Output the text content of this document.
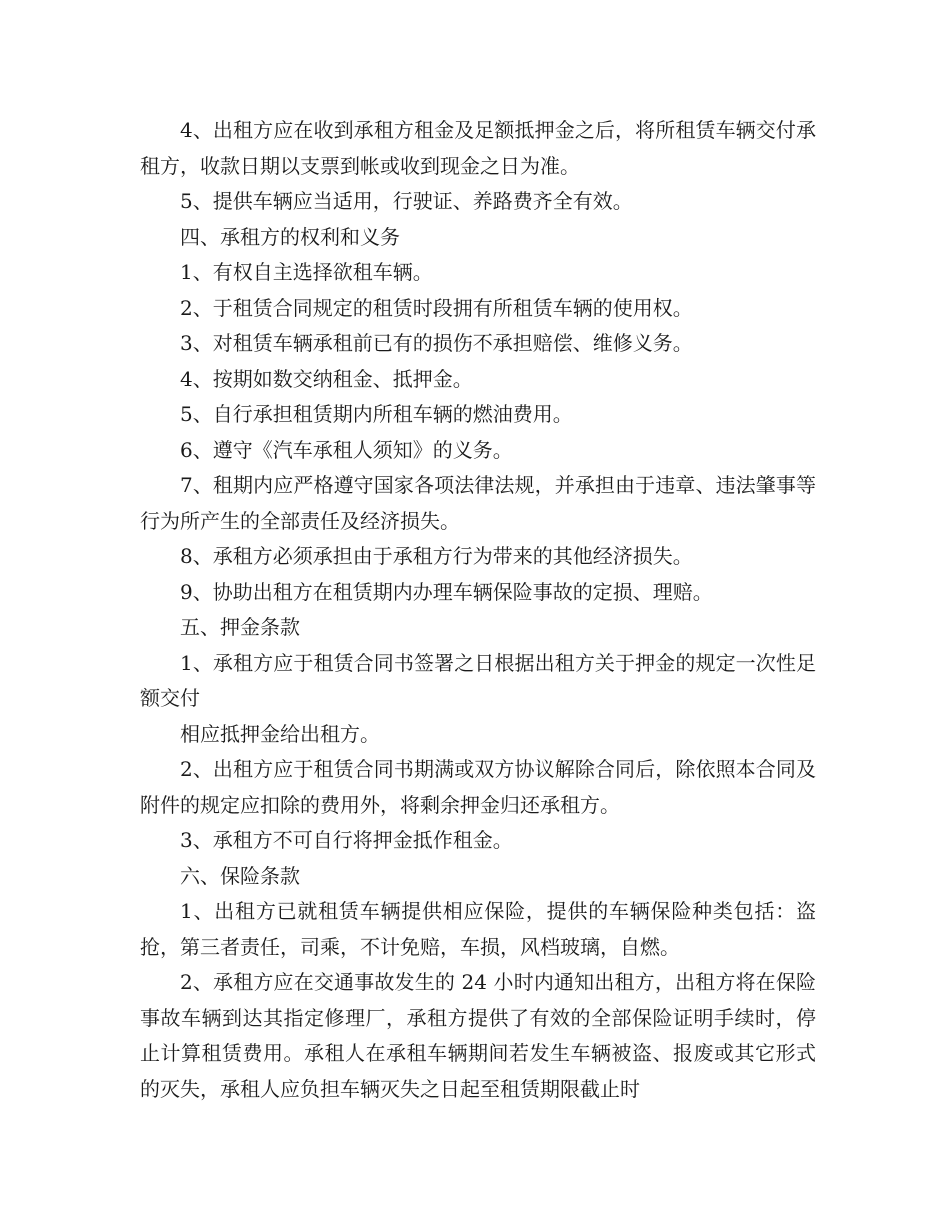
4、出租方应在收到承租方租金及足额抵押金之后，将所租赁车辆交付承租方，收款日期以支票到帐或收到现金之日为准。

5、提供车辆应当适用，行驶证、养路费齐全有效。

四、承租方的权利和义务

1、有权自主选择欲租车辆。

2、于租赁合同规定的租赁时段拥有所租赁车辆的使用权。

3、对租赁车辆承租前已有的损伤不承担赔偿、维修义务。

4、按期如数交纳租金、抵押金。

5、自行承担租赁期内所租车辆的燃油费用。

6、遵守《汽车承租人须知》的义务。

7、租期内应严格遵守国家各项法律法规，并承担由于违章、违法肇事等行为所产生的全部责任及经济损失。

8、承租方必须承担由于承租方行为带来的其他经济损失。

9、协助出租方在租赁期内办理车辆保险事故的定损、理赔。

五、押金条款

1、承租方应于租赁合同书签署之日根据出租方关于押金的规定一次性足额交付

相应抵押金给出租方。

2、出租方应于租赁合同书期满或双方协议解除合同后，除依照本合同及附件的规定应扣除的费用外，将剩余押金归还承租方。

3、承租方不可自行将押金抵作租金。

六、保险条款

1、出租方已就租赁车辆提供相应保险，提供的车辆保险种类包括：盗抢，第三者责任，司乘，不计免赔，车损，风档玻璃，自燃。

2、承租方应在交通事故发生的 24 小时内通知出租方，出租方将在保险事故车辆到达其指定修理厂，承租方提供了有效的全部保险证明手续时，停止计算租赁费用。承租人在承租车辆期间若发生车辆被盗、报废或其它形式的灭失，承租人应负担车辆灭失之日起至租赁期限截止时
